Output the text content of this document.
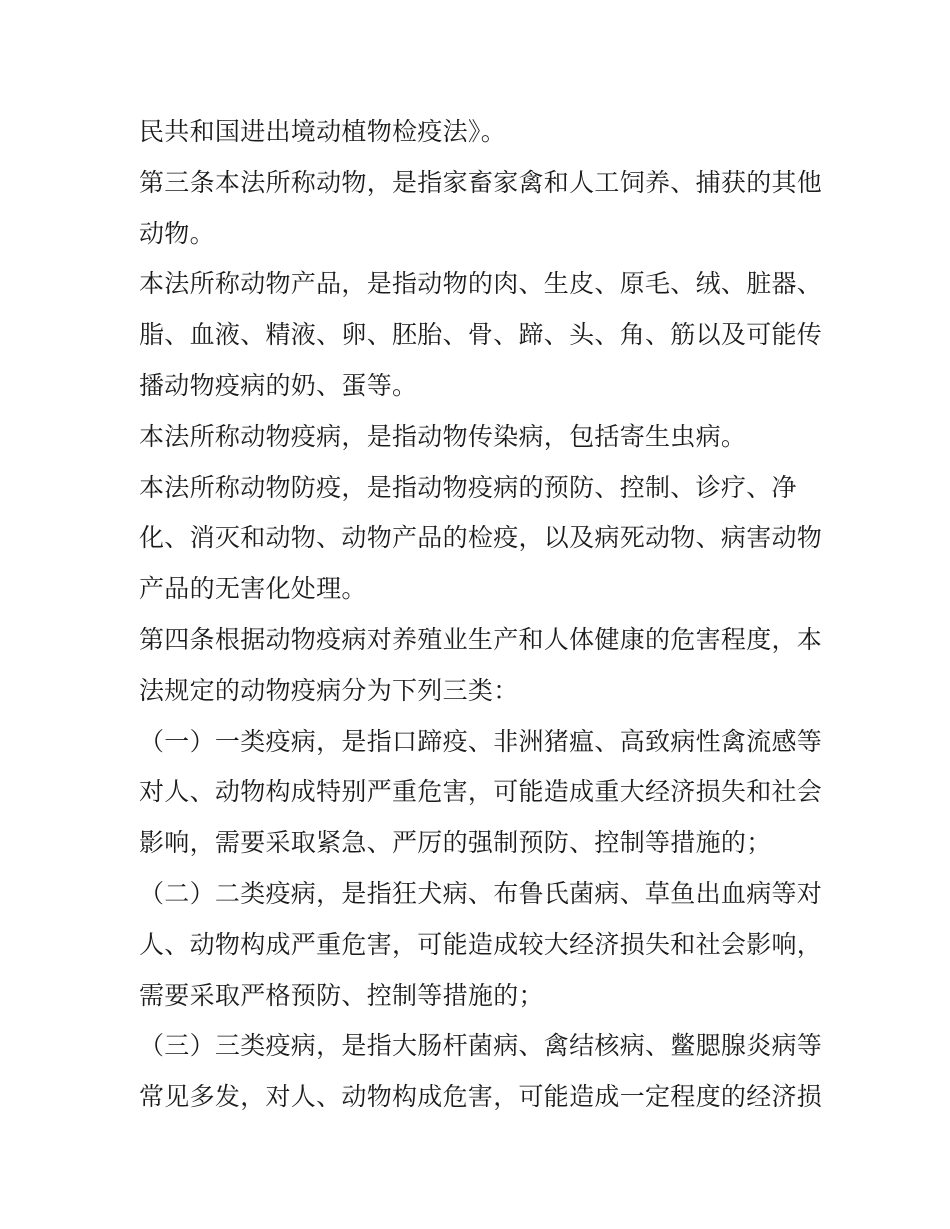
民共和国进出境动植物检疫法》。
第三条本法所称动物，是指家畜家禽和人工饲养、捕获的其他
动物。
本法所称动物产品，是指动物的肉、生皮、原毛、绒、脏器、
脂、血液、精液、卵、胚胎、骨、蹄、头、角、筋以及可能传
播动物疫病的奶、蛋等。
本法所称动物疫病，是指动物传染病，包括寄生虫病。
本法所称动物防疫，是指动物疫病的预防、控制、诊疗、净
化、消灭和动物、动物产品的检疫，以及病死动物、病害动物
产品的无害化处理。
第四条根据动物疫病对养殖业生产和人体健康的危害程度，本
法规定的动物疫病分为下列三类：
（一）一类疫病，是指口蹄疫、非洲猪瘟、高致病性禽流感等
对人、动物构成特别严重危害，可能造成重大经济损失和社会
影响，需要采取紧急、严厉的强制预防、控制等措施的；
（二）二类疫病，是指狂犬病、布鲁氏菌病、草鱼出血病等对
人、动物构成严重危害，可能造成较大经济损失和社会影响，
需要采取严格预防、控制等措施的；
（三）三类疫病，是指大肠杆菌病、禽结核病、鳖腮腺炎病等
常见多发，对人、动物构成危害，可能造成一定程度的经济损
